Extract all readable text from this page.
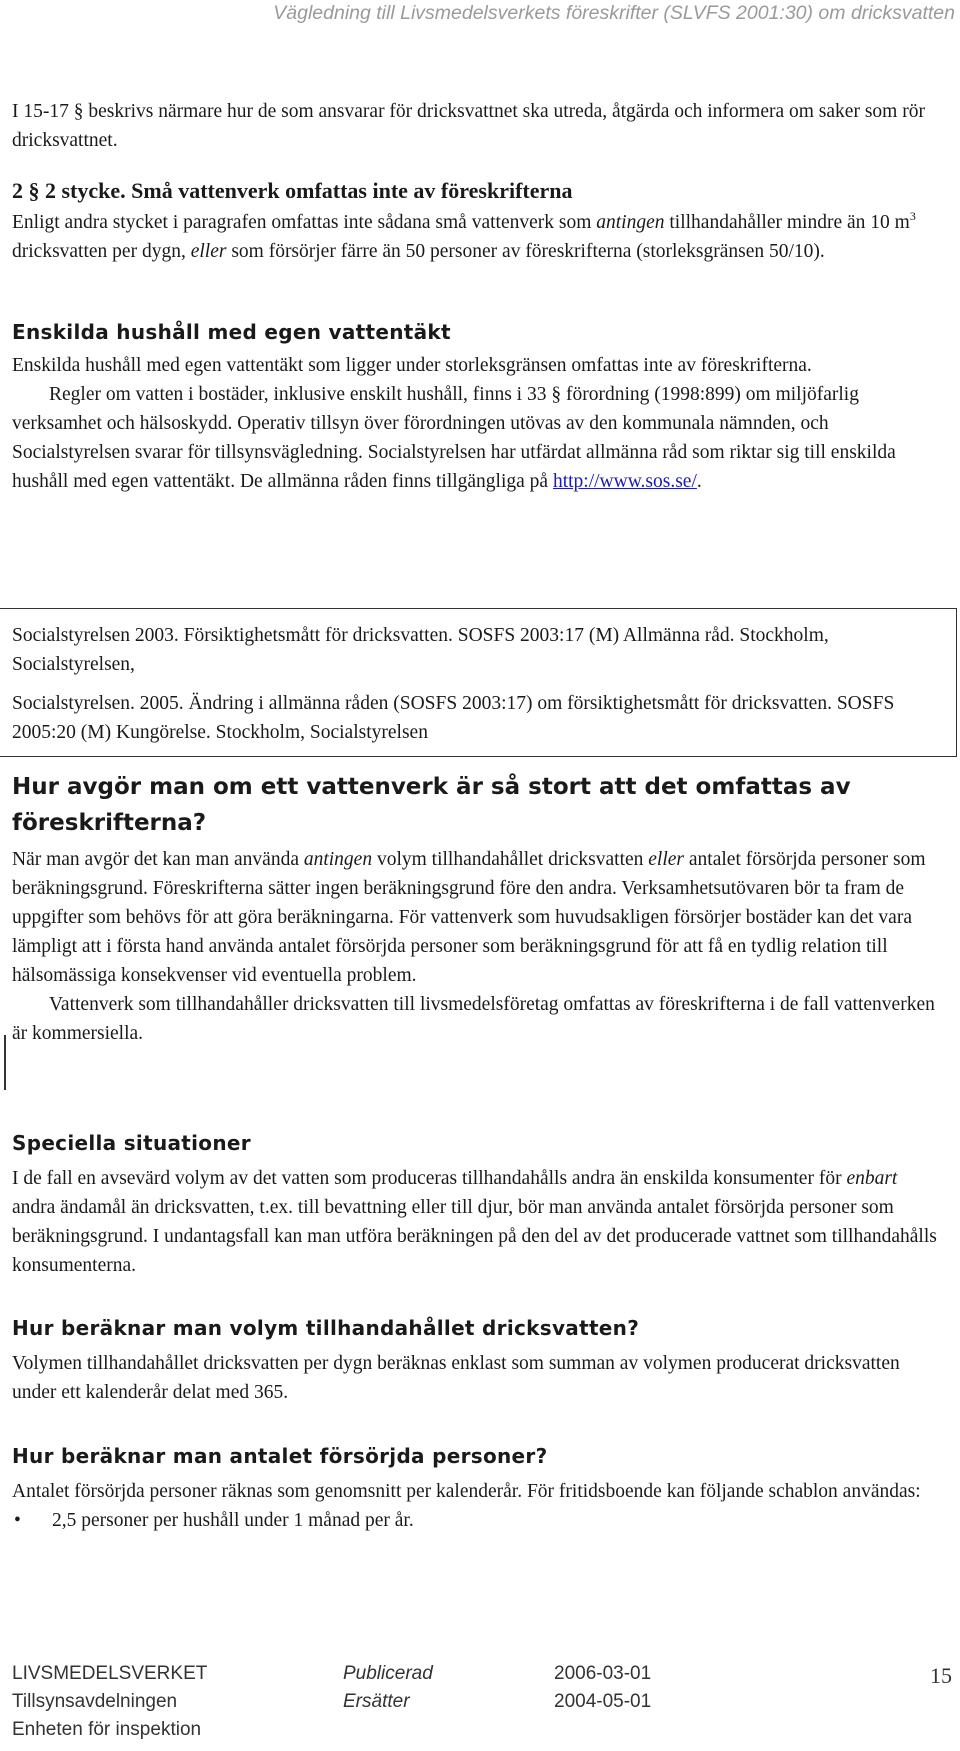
Vägledning till Livsmedelsverkets föreskrifter (SLVFS 2001:30) om dricksvatten

I 15-17 § beskrivs närmare hur de som ansvarar för dricksvattnet ska utreda, åtgärda och informera om saker som rör dricksvattnet.

2 § 2 stycke. Små vattenverk omfattas inte av föreskrifterna

Enligt andra stycket i paragrafen omfattas inte sådana små vattenverk som antingen tillhandahåller mindre än 10 $m^3$ dricksvatten per dygn, eller som försörjer färre än 50 personer av föreskrifterna (storleksgränsen 50/10).

Enskilda hushåll med egen vattentäkt

Enskilda hushåll med egen vattentäkt som ligger under storleksgränsen omfattas inte av föreskrifterna.

Regler om vatten i bostäder, inklusive enskilt hushåll, finns i 33 § förordning (1998:899) om miljöfarlig verksamhet och hälsoskydd. Operativ tillsyn över förordningen utövas av den kommunala nämnden, och Socialstyrelsen svarar för tillsynsvägledning. Socialstyrelsen har utfärdat allmänna råd som riktar sig till enskilda hushåll med egen vattentäkt. De allmänna råden finns tillgängliga på http://www.sos.se/.

Socialstyrelsen 2003. Försiktighetsmått för dricksvatten. SOSFS 2003:17 (M) Allmänna råd. Stockholm, Socialstyrelsen,

Socialstyrelsen. 2005. Ändring i allmänna råden (SOSFS 2003:17) om försiktighetsmått för dricksvatten. SOSFS 2005:20 (M) Kungörelse. Stockholm, Socialstyrelsen

Hur avgör man om ett vattenverk är så stort att det omfattas av föreskrifterna?

När man avgör det kan man använda antingen volym tillhandahållet dricksvatten eller antalet försörjda personer som beräkningsgrund. Föreskrifterna sätter ingen beräkningsgrund före den andra. Verksamhetsutövaren bör ta fram de uppgifter som behövs för att göra beräkningarna. För vattenverk som huvudsakligen försörjer bostäder kan det vara lämpligt att i första hand använda antalet försörjda personer som beräkningsgrund för att få en tydlig relation till hälsomässiga konsekvenser vid eventuella problem.

Vattenverk som tillhandahåller dricksvatten till livsmedelsföretag omfattas av föreskrifterna i de fall vattenverken är kommersiella.

Speciella situationer

I de fall en avsevärd volym av det vatten som produceras tillhandahålls andra än enskilda konsumenter för enbart andra ändamål än dricksvatten, t.ex. till bevattning eller till djur, bör man använda antalet försörjda personer som beräkningsgrund. I undantagsfall kan man utföra beräkningen på den del av det producerade vattnet som tillhandahålls konsumenterna.

Hur beräknar man volym tillhandahållet dricksvatten?

Volymen tillhandahållet dricksvatten per dygn beräknas enklast som summan av volymen producerat dricksvatten under ett kalenderår delat med 365.

Hur beräknar man antalet försörjda personer?

Antalet försörjda personer räknas som genomsnitt per kalenderår. För fritidsboende kan följande schablon användas:

•	2,5 personer per hushåll under 1 månad per år.

LIVSMEDELSVERKET
Tillsynsavdelningen
Enheten för inspektion
Publicerad
Ersätter
2006-03-01
2004-05-01
15
